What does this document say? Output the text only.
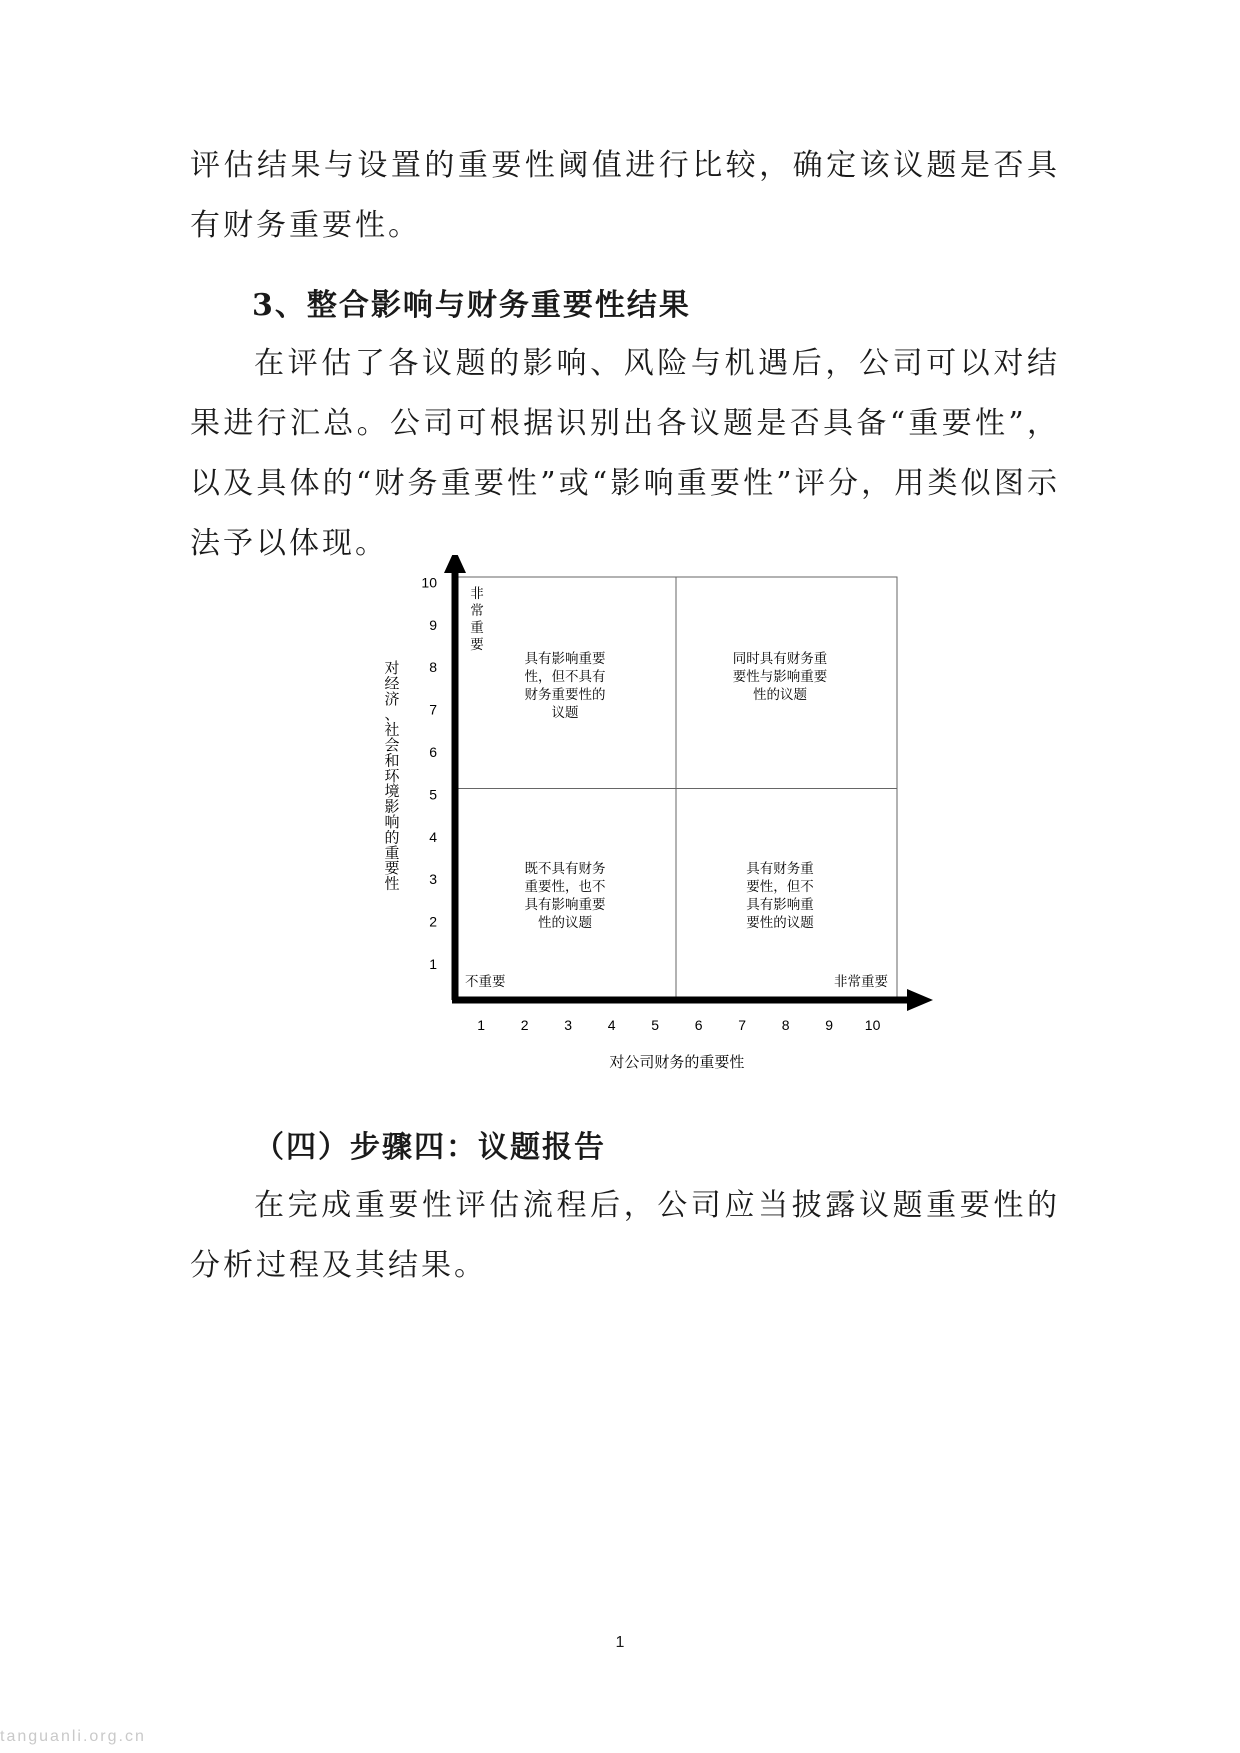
评估结果与设置的重要性阈值进行比较，确定该议题是否具有财务重要性。

3、整合影响与财务重要性结果

在评估了各议题的影响、风险与机遇后，公司可以对结果进行汇总。公司可根据识别出各议题是否具备“重要性”，以及具体的“财务重要性”或“影响重要性”评分，用类似图示法予以体现。

1	2	3	4	5	6	7	8	9 10
1
2
3
4
5
6
7
8
9
10
对公司财务的重要性
对
经
济
、
社
会
和
环
境
影
响
的
重
要
性
非
常
重
要
不重要	非常重要
具有影响重要
性，但不具有
财务重要性的
议题
同时具有财务重
要性与影响重要
性的议题
既不具有财务
重要性，也不
具有影响重要
性的议题
具有财务重
要性，但不
具有影响重
要性的议题
（四）步骤四：议题报告

在完成重要性评估流程后，公司应当披露议题重要性的分析过程及其结果。

1
tanguanli.org.cn
